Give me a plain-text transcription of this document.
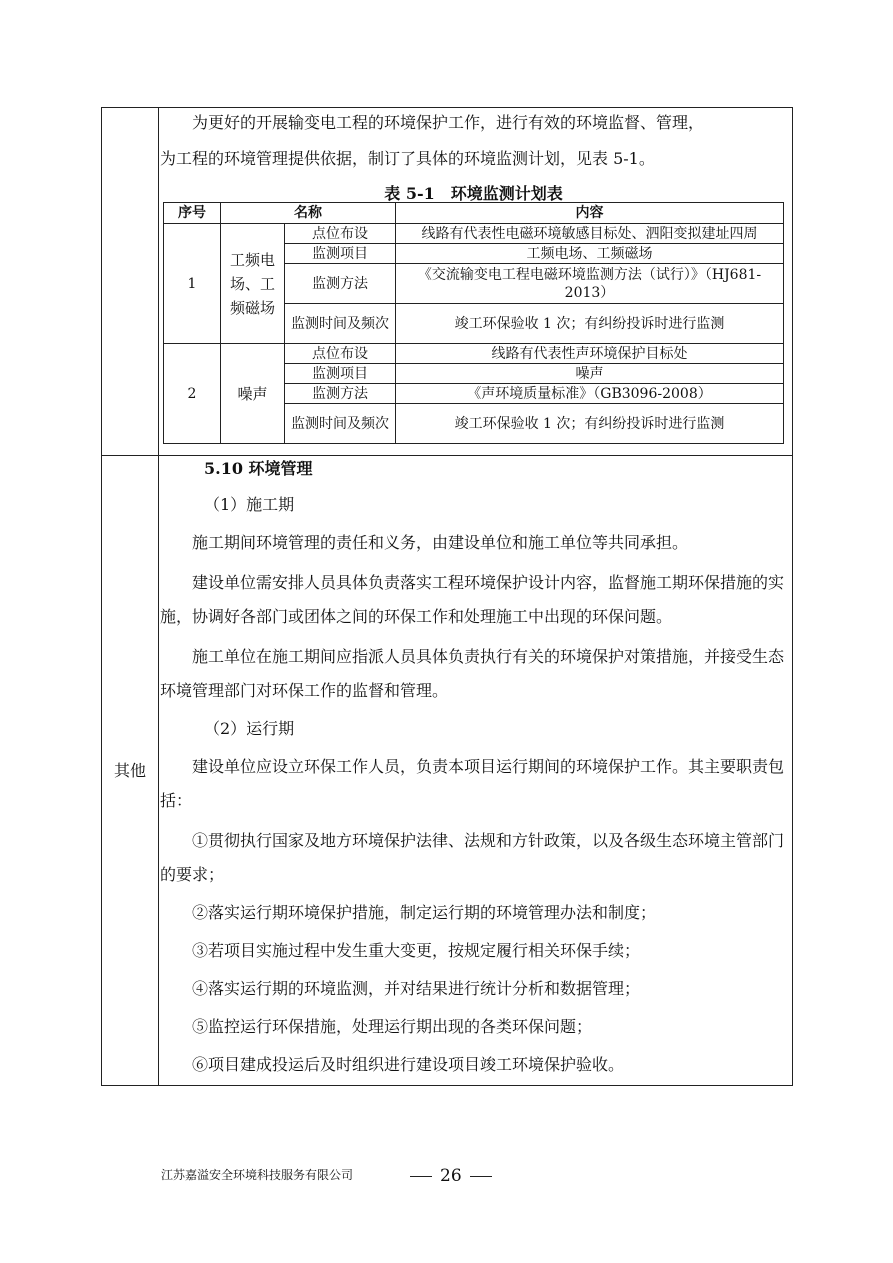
其他

为更好的开展输变电工程的环境保护工作，进行有效的环境监督、管理，

为工程的环境管理提供依据，制订了具体的环境监测计划，见表 5-1。

表 5-1　环境监测计划表
序号	名称		内容
1	工频电场、工频磁场	点位布设	线路有代表性电磁环境敏感目标处、泗阳变拟建址四周
		监测项目	工频电场、工频磁场
		监测方法	《交流输变电工程电磁环境监测方法（试行）》（HJ681-2013）
		监测时间及频次	竣工环保验收 1 次；有纠纷投诉时进行监测
2	噪声	点位布设	线路有代表性声环境保护目标处
		监测项目	噪声
		监测方法	《声环境质量标准》（GB3096-2008）
		监测时间及频次	竣工环保验收 1 次；有纠纷投诉时进行监测

5.10 环境管理

（1）施工期

施工期间环境管理的责任和义务，由建设单位和施工单位等共同承担。

建设单位需安排人员具体负责落实工程环境保护设计内容，监督施工期环保措施的实施，协调好各部门或团体之间的环保工作和处理施工中出现的环保问题。

施工单位在施工期间应指派人员具体负责执行有关的环境保护对策措施，并接受生态环境管理部门对环保工作的监督和管理。

（2）运行期

建设单位应设立环保工作人员，负责本项目运行期间的环境保护工作。其主要职责包括：

①贯彻执行国家及地方环境保护法律、法规和方针政策，以及各级生态环境主管部门的要求；

②落实运行期环境保护措施，制定运行期的环境管理办法和制度；

③若项目实施过程中发生重大变更，按规定履行相关环保手续；

④落实运行期的环境监测，并对结果进行统计分析和数据管理；

⑤监控运行环保措施，处理运行期出现的各类环保问题；

⑥项目建成投运后及时组织进行建设项目竣工环境保护验收。

江苏嘉溢安全环境科技服务有限公司	26
